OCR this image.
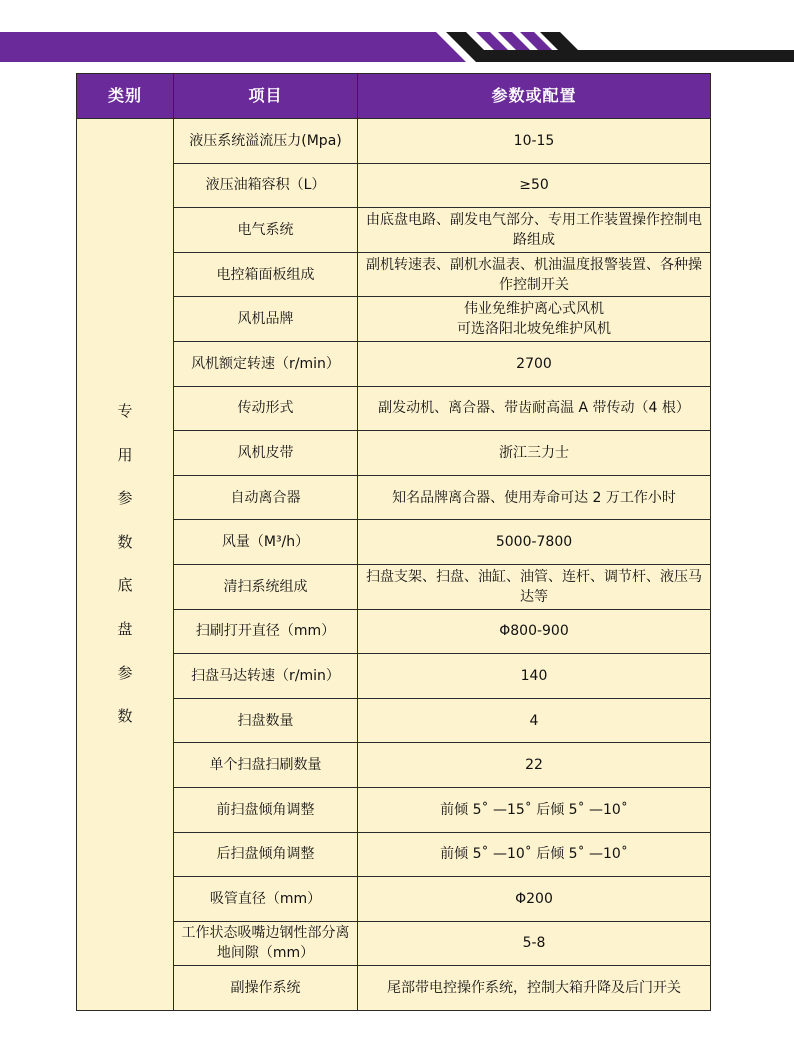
类别	项目	参数或配置
专用参数底盘参数	液压系统溢流压力(Mpa)	10-15
	液压油箱容积（L）	≥50
	电气系统	由底盘电路、副发电气部分、专用工作装置操作控制电路组成
	电控箱面板组成	副机转速表、副机水温表、机油温度报警装置、各种操作控制开关
	风机品牌	伟业免维护离心式风机
可选洛阳北坡免维护风机

	风机额定转速（r/min）	2700
	传动形式	副发动机、离合器、带齿耐高温 A 带传动（4 根）
	风机皮带	浙江三力士
	自动离合器	知名品牌离合器、使用寿命可达 2 万工作小时
	风量（M³/h）	5000-7800
	清扫系统组成	扫盘支架、扫盘、油缸、油管、连杆、调节杆、液压马达等
	扫刷打开直径（mm）	Φ800-900
	扫盘马达转速（r/min）	140
	扫盘数量	4
	单个扫盘扫刷数量	22
	前扫盘倾角调整	前倾 5˚ —15˚ 后倾 5˚ —10˚
	后扫盘倾角调整	前倾 5˚ —10˚ 后倾 5˚ —10˚
	吸管直径（mm）	Φ200
	工作状态吸嘴边钢性部分离地间隙（mm）	5-8
	副操作系统	尾部带电控操作系统，控制大箱升降及后门开关
